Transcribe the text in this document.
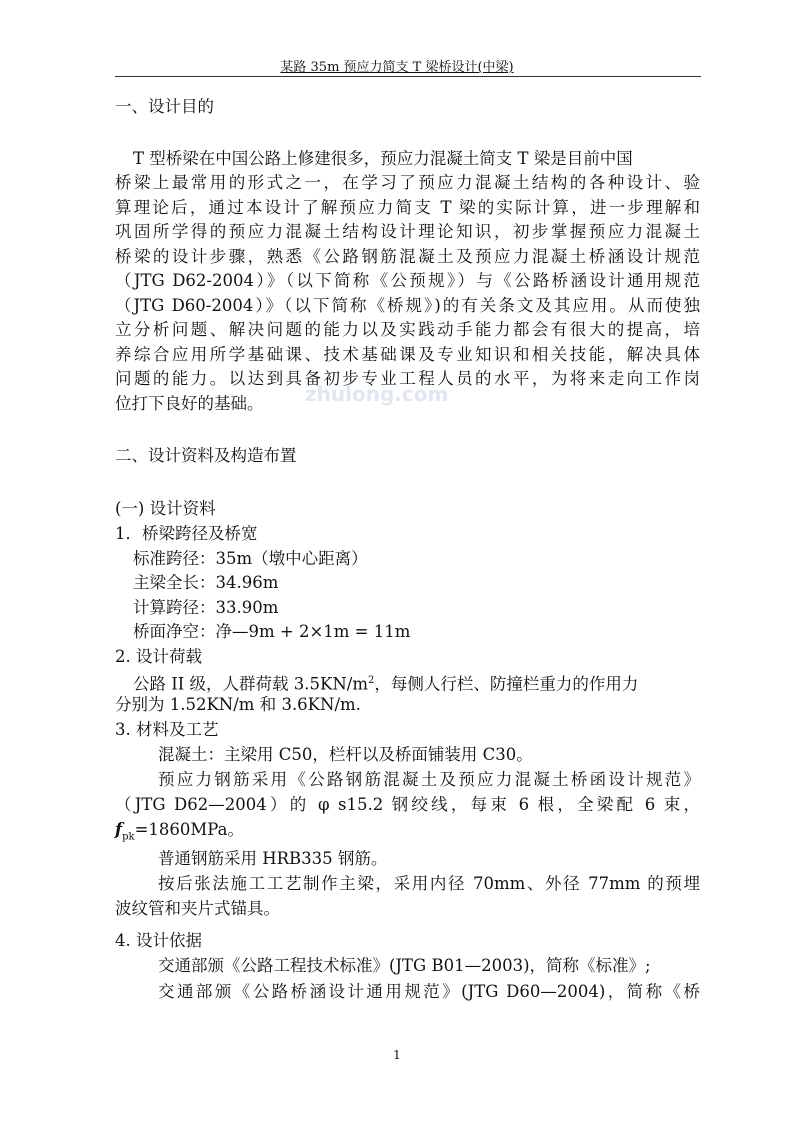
某路 35m 预应力简支 T 梁桥设计(中梁)
zhulong.com
一、设计目的
T 型桥梁在中国公路上修建很多，预应力混凝土简支 T 梁是目前中国
桥梁上最常用的形式之一，在学习了预应力混凝土结构的各种设计、验
算理论后，通过本设计了解预应力简支 T 梁的实际计算，进一步理解和
巩固所学得的预应力混凝土结构设计理论知识，初步掌握预应力混凝土
桥梁的设计步骤，熟悉《公路钢筋混凝土及预应力混凝土桥涵设计规范
（JTG D62-2004）》（以下简称《公预规》）与《公路桥涵设计通用规范
（JTG D60-2004）》（以下简称《桥规》)的有关条文及其应用。从而使独
立分析问题、解决问题的能力以及实践动手能力都会有很大的提高，培
养综合应用所学基础课、技术基础课及专业知识和相关技能，解决具体
问题的能力。以达到具备初步专业工程人员的水平，为将来走向工作岗
位打下良好的基础。
二、设计资料及构造布置
(一) 设计资料
1．桥梁跨径及桥宽
标准跨径：35m（墩中心距离）
主梁全长：34.96m
计算跨径：33.90m
桥面净空：净—9m + 2×1m = 11m
2. 设计荷载
公路 II 级，人群荷载 $3.5KN/m^2$，每侧人行栏、防撞栏重力的作用力
分别为 1.52KN/m 和 3.6KN/m.
3. 材料及工艺
混凝土：主梁用 C50，栏杆以及桥面铺装用 C30。
预应力钢筋采用《公路钢筋混凝土及预应力混凝土桥函设计规范》
（JTG D62—2004）的 φ s15.2 钢绞线，每束 6 根，全梁配 6 束，
$f_{pk}=1860MPa$。
普通钢筋采用 HRB335 钢筋。
按后张法施工工艺制作主梁，采用内径 70mm、外径 77mm 的预埋
波纹管和夹片式锚具。
4. 设计依据
交通部颁《公路工程技术标准》(JTG B01—2003)，简称《标准》;
交通部颁《公路桥涵设计通用规范》(JTG D60—2004)，简称《桥
1
